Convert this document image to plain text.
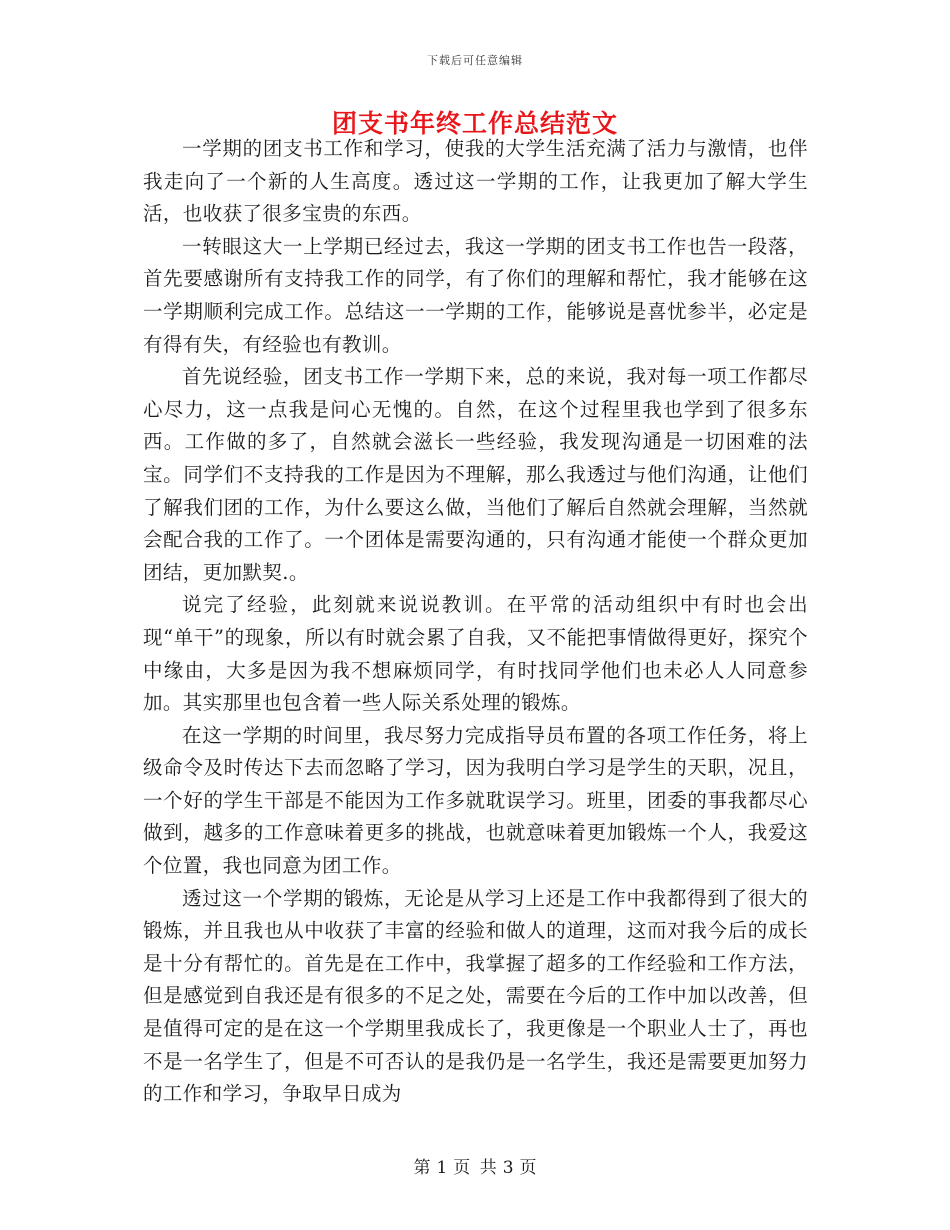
下载后可任意编辑
团支书年终工作总结范文

一学期的团支书工作和学习，使我的大学生活充满了活力与激情，也伴我走向了一个新的人生高度。透过这一学期的工作，让我更加了解大学生活，也收获了很多宝贵的东西。

一转眼这大一上学期已经过去，我这一学期的团支书工作也告一段落，首先要感谢所有支持我工作的同学，有了你们的理解和帮忙，我才能够在这一学期顺利完成工作。总结这一一学期的工作，能够说是喜忧参半，必定是有得有失，有经验也有教训。

首先说经验，团支书工作一学期下来，总的来说，我对每一项工作都尽心尽力，这一点我是问心无愧的。自然，在这个过程里我也学到了很多东西。工作做的多了，自然就会滋长一些经验，我发现沟通是一切困难的法宝。同学们不支持我的工作是因为不理解，那么我透过与他们沟通，让他们了解我们团的工作，为什么要这么做，当他们了解后自然就会理解，当然就会配合我的工作了。一个团体是需要沟通的，只有沟通才能使一个群众更加团结，更加默契.。

说完了经验，此刻就来说说教训。在平常的活动组织中有时也会出现“单干”的现象，所以有时就会累了自我，又不能把事情做得更好，探究个中缘由，大多是因为我不想麻烦同学，有时找同学他们也未必人人同意参加。其实那里也包含着一些人际关系处理的锻炼。

在这一学期的时间里，我尽努力完成指导员布置的各项工作任务，将上级命令及时传达下去而忽略了学习，因为我明白学习是学生的天职，况且，一个好的学生干部是不能因为工作多就耽误学习。班里，团委的事我都尽心做到，越多的工作意味着更多的挑战，也就意味着更加锻炼一个人，我爱这个位置，我也同意为团工作。

透过这一个学期的锻炼，无论是从学习上还是工作中我都得到了很大的锻炼，并且我也从中收获了丰富的经验和做人的道理，这而对我今后的成长是十分有帮忙的。首先是在工作中，我掌握了超多的工作经验和工作方法，但是感觉到自我还是有很多的不足之处，需要在今后的工作中加以改善，但是值得可定的是在这一个学期里我成长了，我更像是一个职业人士了，再也不是一名学生了，但是不可否认的是我仍是一名学生，我还是需要更加努力的工作和学习，争取早日成为

第 1 页 共 3 页
